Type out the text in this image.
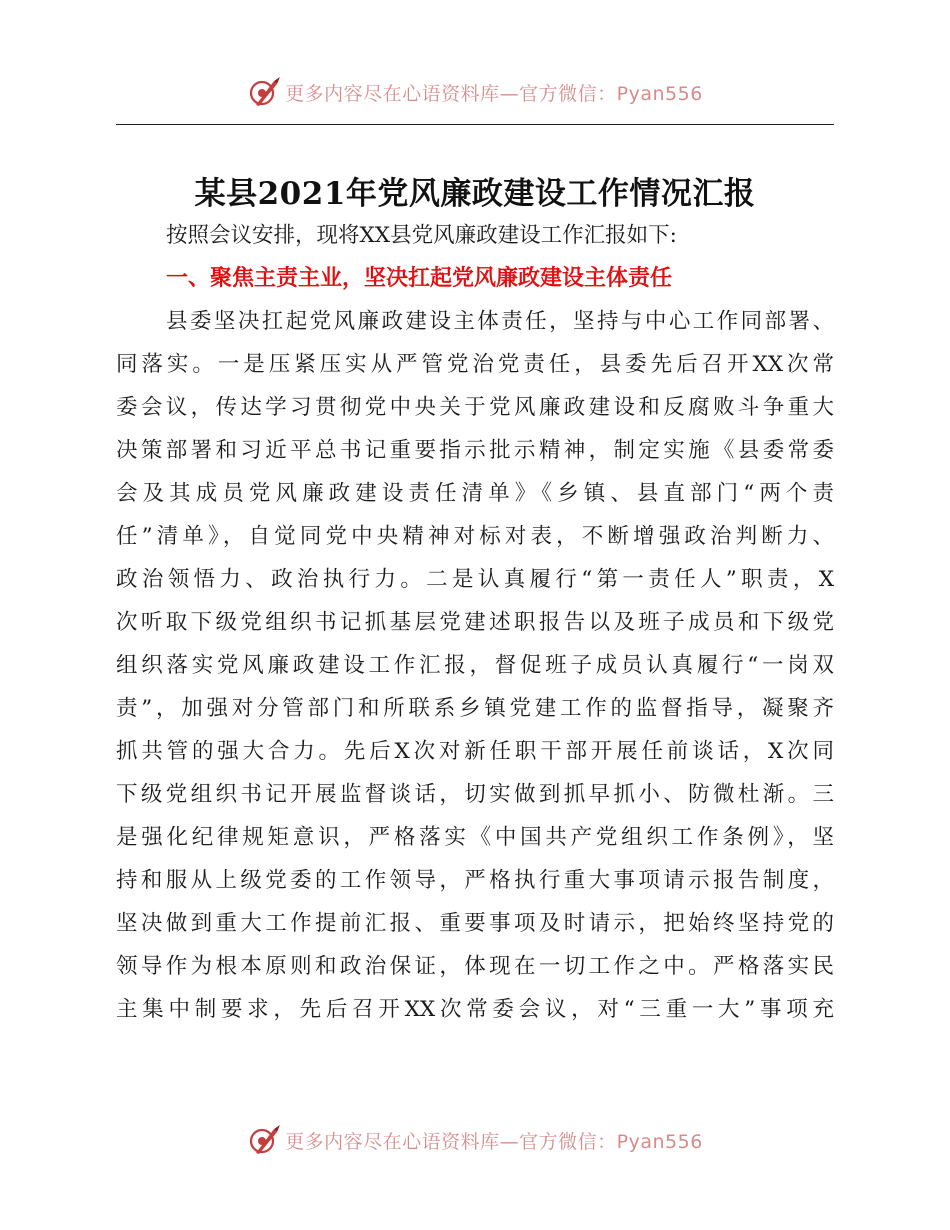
更多内容尽在心语资料库—官方微信：Pyan556
某县2021年党风廉政建设工作情况汇报
按照会议安排，现将XX县党风廉政建设工作汇报如下:
一、聚焦主责主业，坚决扛起党风廉政建设主体责任
县委坚决扛起党风廉政建设主体责任，坚持与中心工作同部署、
同落实。一是压紧压实从严管党治党责任，县委先后召开XX次常
委会议，传达学习贯彻党中央关于党风廉政建设和反腐败斗争重大
决策部署和习近平总书记重要指示批示精神，制定实施《县委常委
会及其成员党风廉政建设责任清单》《乡镇、县直部门“两个责
任”清单》，自觉同党中央精神对标对表，不断增强政治判断力、
政治领悟力、政治执行力。二是认真履行“第一责任人”职责，X
次听取下级党组织书记抓基层党建述职报告以及班子成员和下级党
组织落实党风廉政建设工作汇报，督促班子成员认真履行“一岗双
责”，加强对分管部门和所联系乡镇党建工作的监督指导，凝聚齐
抓共管的强大合力。先后X次对新任职干部开展任前谈话，X次同
下级党组织书记开展监督谈话，切实做到抓早抓小、防微杜渐。三
是强化纪律规矩意识，严格落实《中国共产党组织工作条例》，坚
持和服从上级党委的工作领导，严格执行重大事项请示报告制度，
坚决做到重大工作提前汇报、重要事项及时请示，把始终坚持党的
领导作为根本原则和政治保证，体现在一切工作之中。严格落实民
主集中制要求，先后召开XX次常委会议，对“三重一大”事项充
更多内容尽在心语资料库—官方微信：Pyan556
